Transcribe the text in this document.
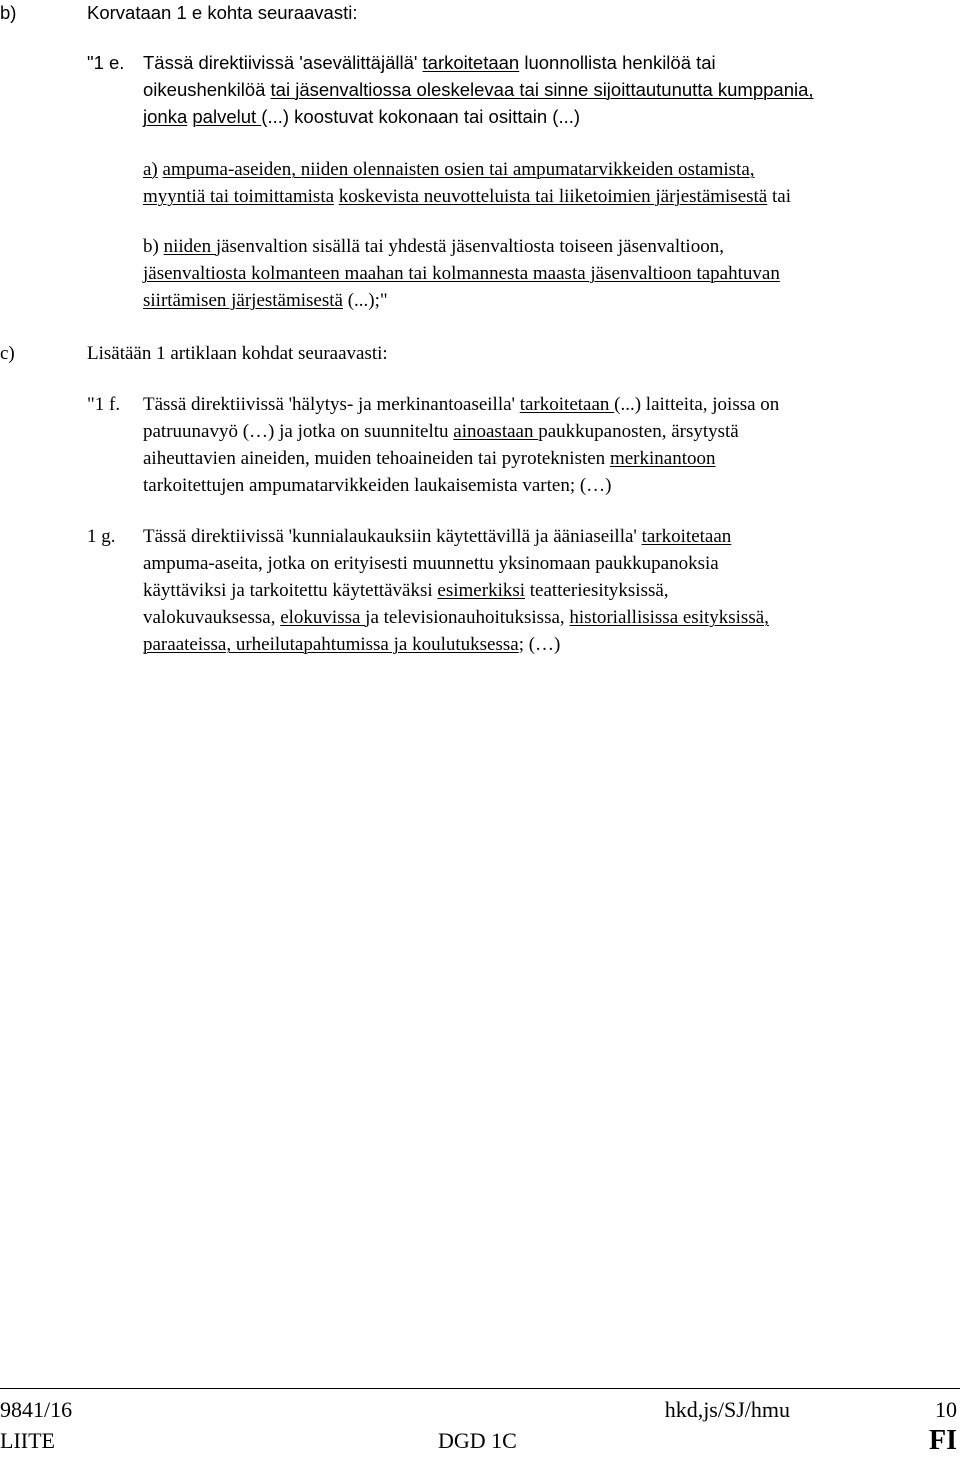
b)	Korvataan 1 e kohta seuraavasti:
"1 e. Tässä direktiivissä 'asevälittäjällä' tarkoitetaan luonnollista henkilöä tai
oikeushenkilöä tai jäsenvaltiossa oleskelevaa tai sinne sijoittautunutta kumppania,
jonka palvelut (...) koostuvat kokonaan tai osittain (...)
a) ampuma-aseiden, niiden olennaisten osien tai ampumatarvikkeiden ostamista,
myyntiä tai toimittamista koskevista neuvotteluista tai liiketoimien järjestämisestä tai
b) niiden jäsenvaltion sisällä tai yhdestä jäsenvaltiosta toiseen jäsenvaltioon,
jäsenvaltiosta kolmanteen maahan tai kolmannesta maasta jäsenvaltioon tapahtuvan
siirtämisen järjestämisestä (...);"
c)	Lisätään 1 artiklaan kohdat seuraavasti:
"1 f. Tässä direktiivissä 'hälytys- ja merkinantoaseilla' tarkoitetaan (...) laitteita, joissa on
patruunavyö (…) ja jotka on suunniteltu ainoastaan paukkupanosten, ärsytystä
aiheuttavien aineiden, muiden tehoaineiden tai pyroteknisten merkinantoon
tarkoitettujen ampumatarvikkeiden laukaisemista varten; (…)
1 g. Tässä direktiivissä 'kunnialaukauksiin käytettävillä ja ääniaseilla' tarkoitetaan
ampuma-aseita, jotka on erityisesti muunnettu yksinomaan paukkupanoksia
käyttäviksi ja tarkoitettu käytettäväksi esimerkiksi teatteriesityksissä,
valokuvauksessa, elokuvissa ja televisionauhoituksissa, historiallisissa esityksissä,
paraateissa, urheilutapahtumissa ja koulutuksessa; (…)
9841/16	hkd,js/SJ/hmu	10
LIITE	DGD 1C	FI
